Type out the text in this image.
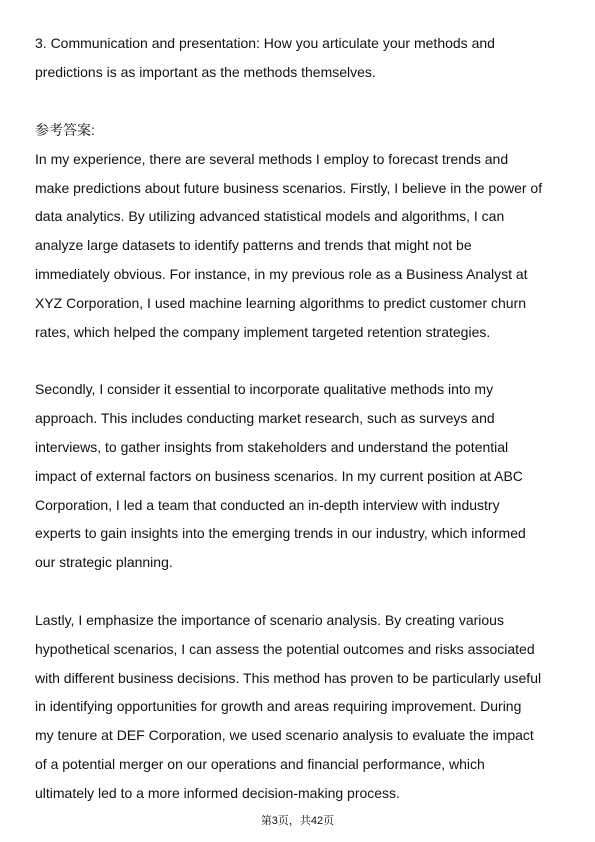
3. Communication and presentation: How you articulate your methods and
predictions is as important as the methods themselves.
参考答案:
In my experience, there are several methods I employ to forecast trends and
make predictions about future business scenarios. Firstly, I believe in the power of
data analytics. By utilizing advanced statistical models and algorithms, I can
analyze large datasets to identify patterns and trends that might not be
immediately obvious. For instance, in my previous role as a Business Analyst at
XYZ Corporation, I used machine learning algorithms to predict customer churn
rates, which helped the company implement targeted retention strategies.
Secondly, I consider it essential to incorporate qualitative methods into my
approach. This includes conducting market research, such as surveys and
interviews, to gather insights from stakeholders and understand the potential
impact of external factors on business scenarios. In my current position at ABC
Corporation, I led a team that conducted an in-depth interview with industry
experts to gain insights into the emerging trends in our industry, which informed
our strategic planning.
Lastly, I emphasize the importance of scenario analysis. By creating various
hypothetical scenarios, I can assess the potential outcomes and risks associated
with different business decisions. This method has proven to be particularly useful
in identifying opportunities for growth and areas requiring improvement. During
my tenure at DEF Corporation, we used scenario analysis to evaluate the impact
of a potential merger on our operations and financial performance, which
ultimately led to a more informed decision-making process.
第3页，共42页
